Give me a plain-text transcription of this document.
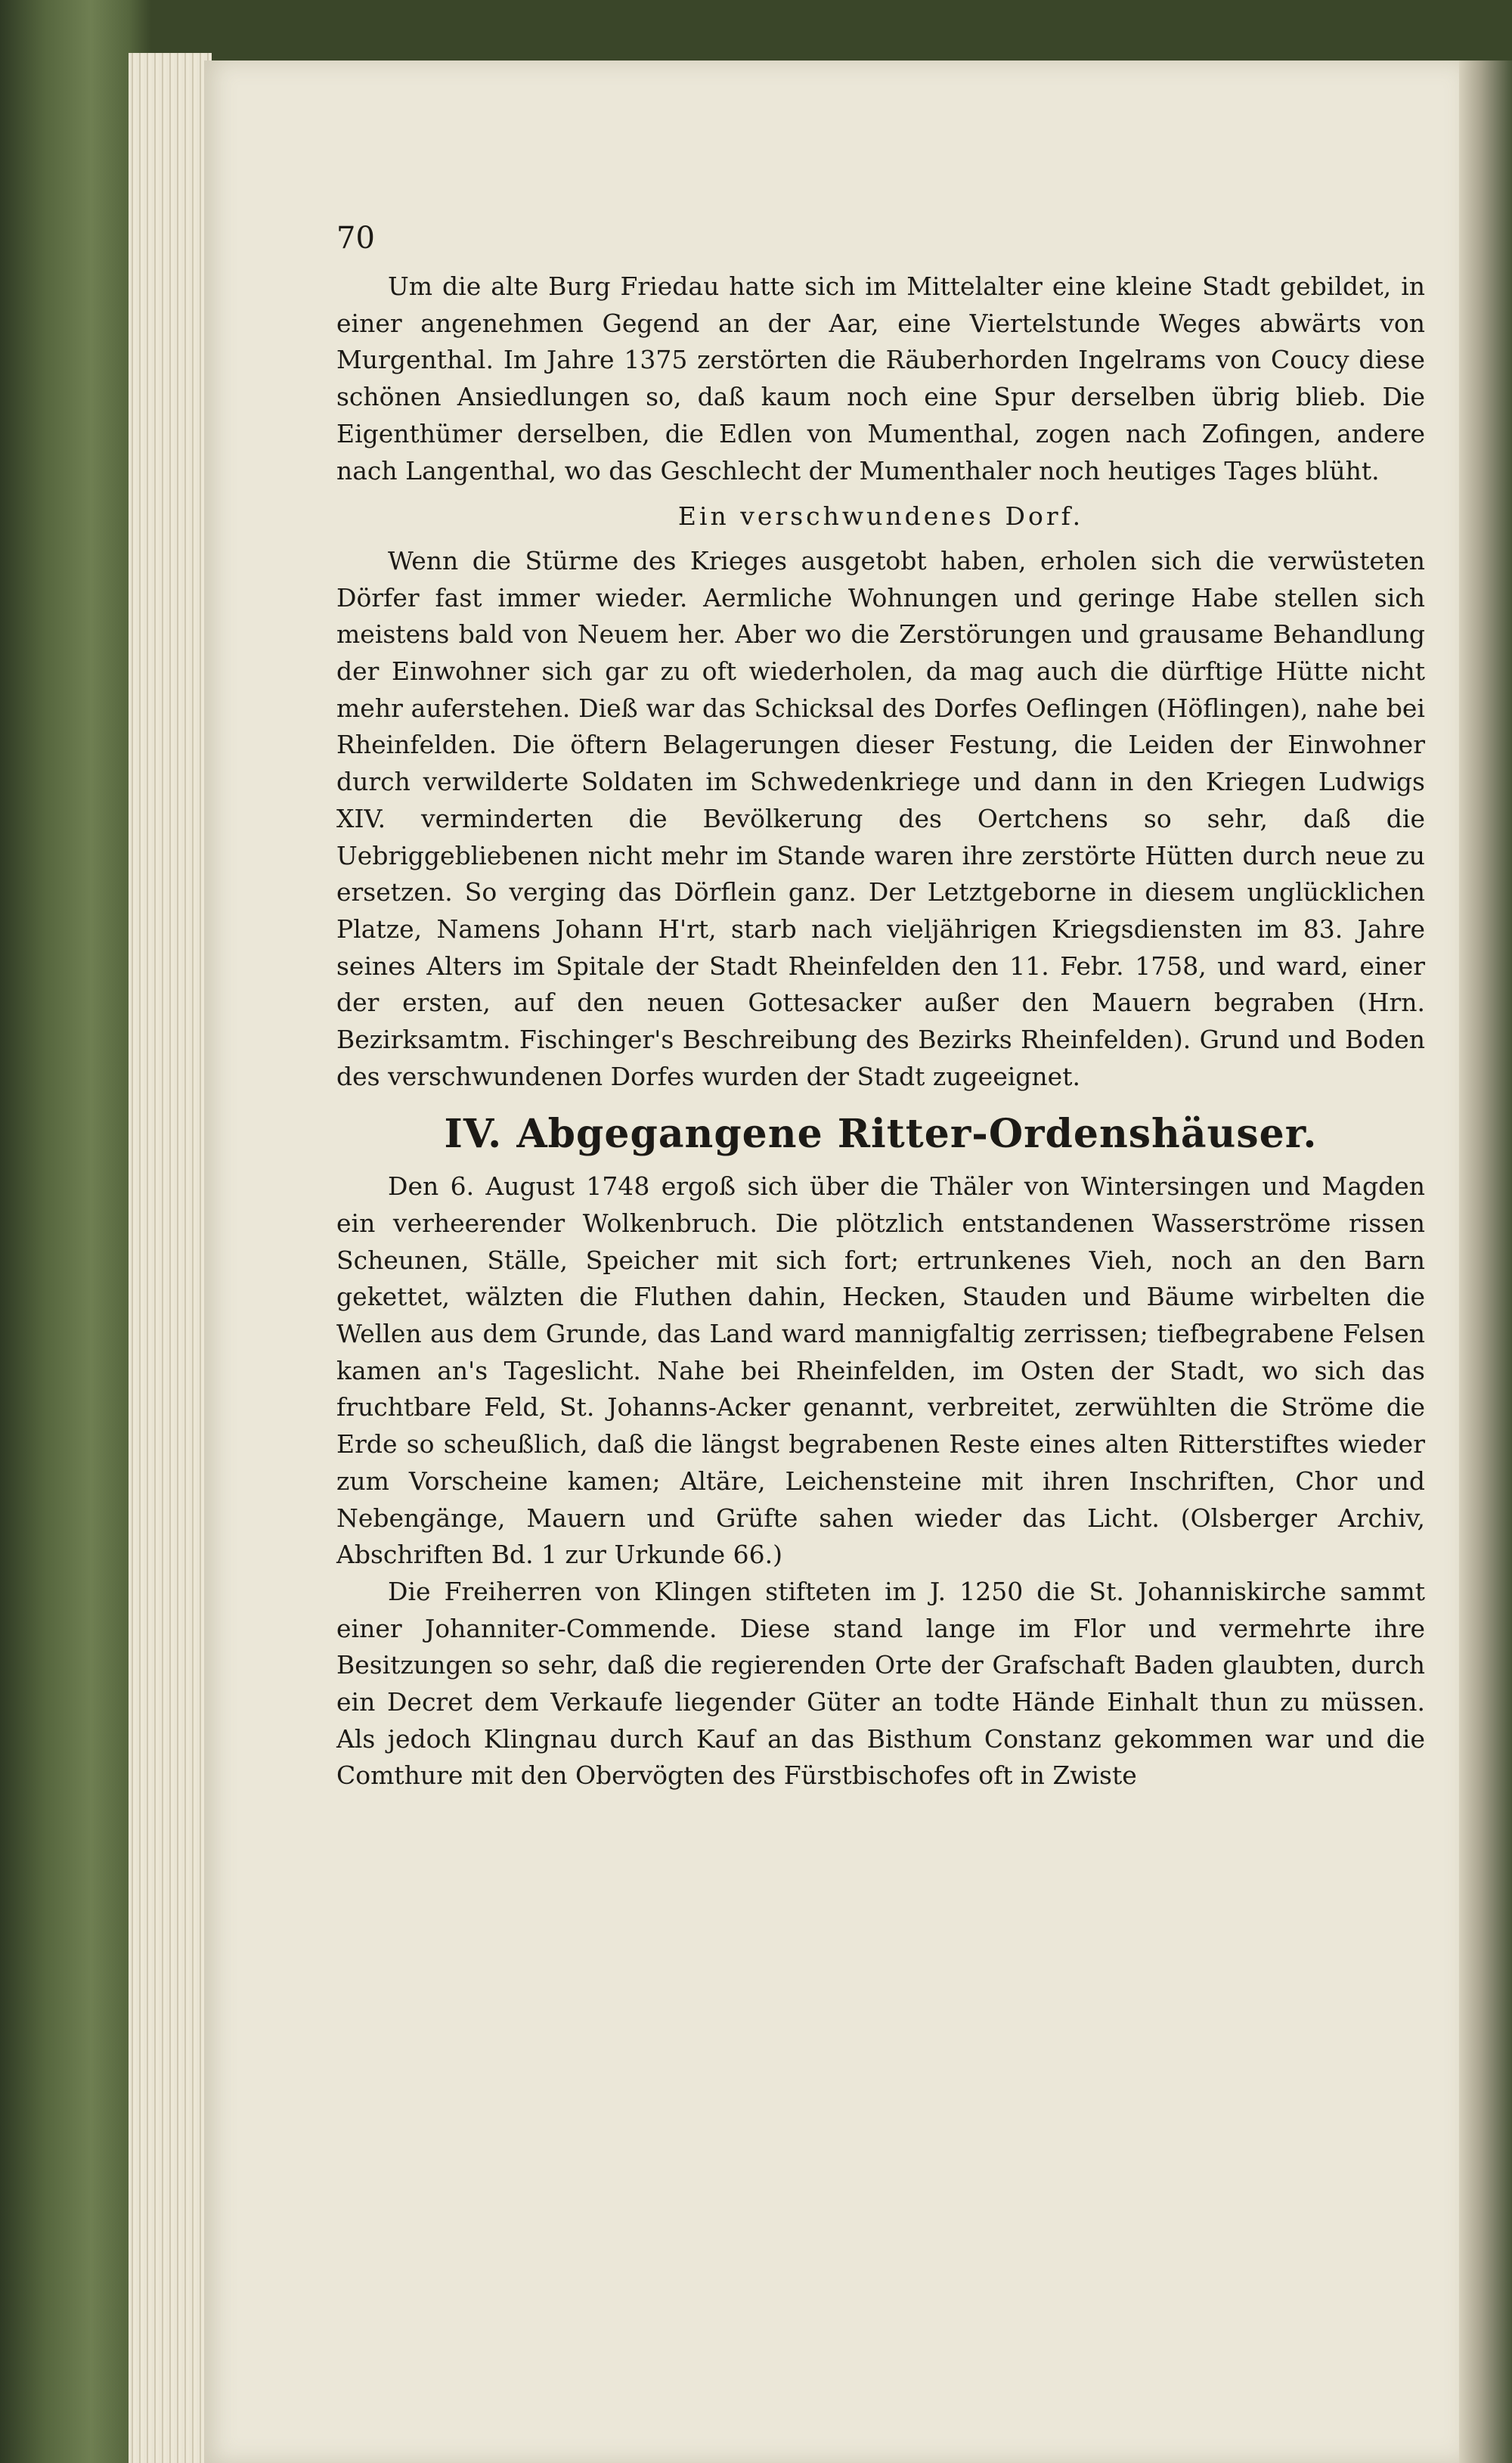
70

Um die alte Burg Friedau hatte sich im Mittelalter eine kleine Stadt gebildet, in einer angenehmen Gegend an der Aar, eine Viertelstunde Weges abwärts von Murgenthal. Im Jahre 1375 zerstörten die Räuberhorden Ingelrams von Coucy diese schönen Ansiedlungen so, daß kaum noch eine Spur derselben übrig blieb. Die Eigenthümer derselben, die Edlen von Mumenthal, zogen nach Zofingen, andere nach Langenthal, wo das Geschlecht der Mumenthaler noch heutiges Tages blüht.

Ein verschwundenes Dorf.

Wenn die Stürme des Krieges ausgetobt haben, erholen sich die verwüsteten Dörfer fast immer wieder. Aermliche Wohnungen und geringe Habe stellen sich meistens bald von Neuem her. Aber wo die Zerstörungen und grausame Behandlung der Einwohner sich gar zu oft wiederholen, da mag auch die dürftige Hütte nicht mehr auferstehen. Dieß war das Schicksal des Dorfes Oeflingen (Höflingen), nahe bei Rheinfelden. Die öftern Belagerungen dieser Festung, die Leiden der Einwohner durch verwilderte Soldaten im Schwedenkriege und dann in den Kriegen Ludwigs XIV. verminderten die Bevölkerung des Oertchens so sehr, daß die Uebriggebliebenen nicht mehr im Stande waren ihre zerstörte Hütten durch neue zu ersetzen. So verging das Dörflein ganz. Der Letztgeborne in diesem unglücklichen Platze, Namens Johann H'rt, starb nach vieljährigen Kriegsdiensten im 83. Jahre seines Alters im Spitale der Stadt Rheinfelden den 11. Febr. 1758, und ward, einer der ersten, auf den neuen Gottesacker außer den Mauern begraben (Hrn. Bezirksamtm. Fischinger's Beschreibung des Bezirks Rheinfelden). Grund und Boden des verschwundenen Dorfes wurden der Stadt zugeeignet.

IV. Abgegangene Ritter-Ordenshäuser.

Den 6. August 1748 ergoß sich über die Thäler von Wintersingen und Magden ein verheerender Wolkenbruch. Die plötzlich entstandenen Wasserströme rissen Scheunen, Ställe, Speicher mit sich fort; ertrunkenes Vieh, noch an den Barn gekettet, wälzten die Fluthen dahin, Hecken, Stauden und Bäume wirbelten die Wellen aus dem Grunde, das Land ward mannigfaltig zerrissen; tiefbegrabene Felsen kamen an's Tageslicht. Nahe bei Rheinfelden, im Osten der Stadt, wo sich das fruchtbare Feld, St. Johanns-Acker genannt, verbreitet, zerwühlten die Ströme die Erde so scheußlich, daß die längst begrabenen Reste eines alten Ritterstiftes wieder zum Vorscheine kamen; Altäre, Leichensteine mit ihren Inschriften, Chor und Nebengänge, Mauern und Grüfte sahen wieder das Licht. (Olsberger Archiv, Abschriften Bd. 1 zur Urkunde 66.)

Die Freiherren von Klingen stifteten im J. 1250 die St. Johanniskirche sammt einer Johanniter-Commende. Diese stand lange im Flor und vermehrte ihre Besitzungen so sehr, daß die regierenden Orte der Grafschaft Baden glaubten, durch ein Decret dem Verkaufe liegender Güter an todte Hände Einhalt thun zu müssen. Als jedoch Klingnau durch Kauf an das Bisthum Constanz gekommen war und die Comthure mit den Obervögten des Fürstbischofes oft in Zwiste
